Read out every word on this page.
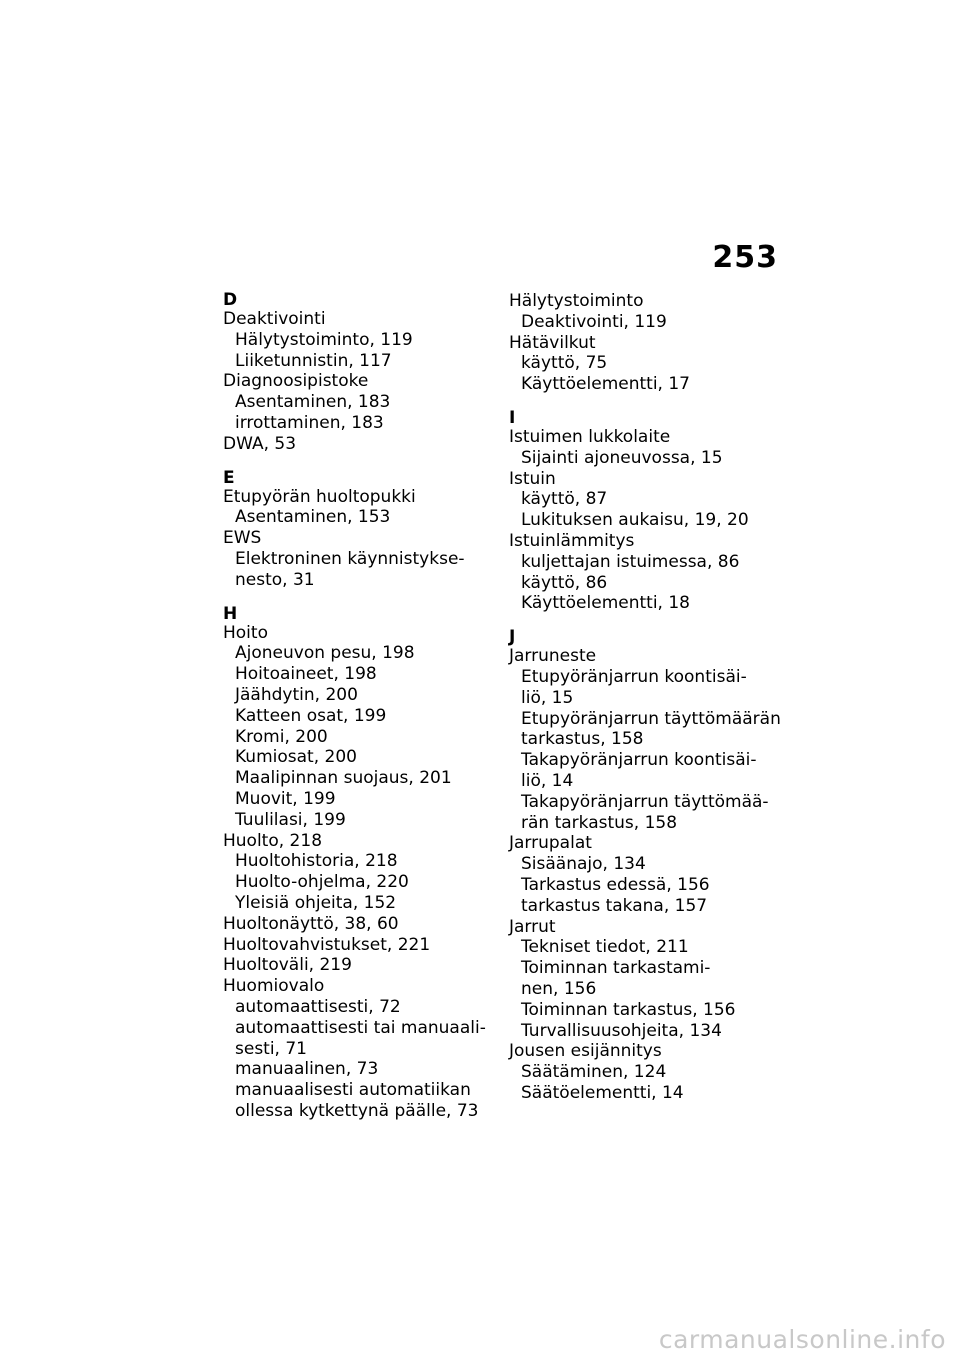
253
D
Deaktivointi
Hälytystoiminto, 119
Liiketunnistin, 117
Diagnoosipistoke
Asentaminen, 183
irrottaminen, 183
DWA, 53
E
Etupyörän huoltopukki
Asentaminen, 153
EWS
Elektroninen käynnistykse-
nesto, 31
H
Hoito
Ajoneuvon pesu, 198
Hoitoaineet, 198
Jäähdytin, 200
Katteen osat, 199
Kromi, 200
Kumiosat, 200
Maalipinnan suojaus, 201
Muovit, 199
Tuulilasi, 199
Huolto, 218
Huoltohistoria, 218
Huolto-ohjelma, 220
Yleisiä ohjeita, 152
Huoltonäyttö, 38, 60
Huoltovahvistukset, 221
Huoltoväli, 219
Huomiovalo
automaattisesti, 72
automaattisesti tai manuaali-
sesti, 71
manuaalinen, 73
manuaalisesti automatiikan
ollessa kytkettynä päälle, 73
Hälytystoiminto
Deaktivointi, 119
Hätävilkut
käyttö, 75
Käyttöelementti, 17
I
Istuimen lukkolaite
Sijainti ajoneuvossa, 15
Istuin
käyttö, 87
Lukituksen aukaisu, 19, 20
Istuinlämmitys
kuljettajan istuimessa, 86
käyttö, 86
Käyttöelementti, 18
J
Jarruneste
Etupyöränjarrun koontisäi-
liö, 15
Etupyöränjarrun täyttömäärän
tarkastus, 158
Takapyöränjarrun koontisäi-
liö, 14
Takapyöränjarrun täyttömää-
rän tarkastus, 158
Jarrupalat
Sisäänajo, 134
Tarkastus edessä, 156
tarkastus takana, 157
Jarrut
Tekniset tiedot, 211
Toiminnan tarkastami-
nen, 156
Toiminnan tarkastus, 156
Turvallisuusohjeita, 134
Jousen esijännitys
Säätäminen, 124
Säätöelementti, 14
carmanualsonline.info
